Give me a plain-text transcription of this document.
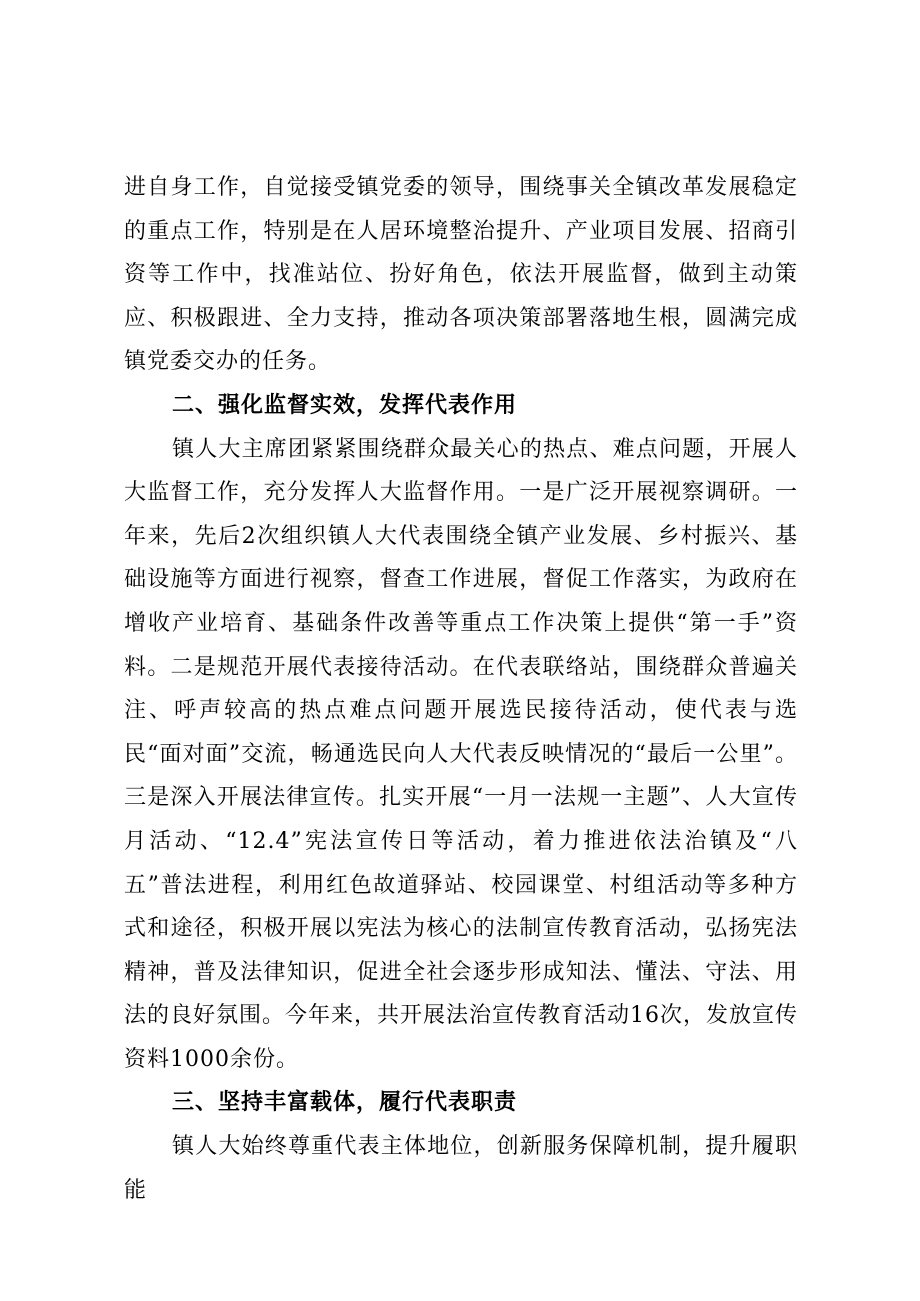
进自身工作，自觉接受镇党委的领导，围绕事关全镇改革发展稳定的重点工作，特别是在人居环境整治提升、产业项目发展、招商引资等工作中，找准站位、扮好角色，依法开展监督，做到主动策应、积极跟进、全力支持，推动各项决策部署落地生根，圆满完成镇党委交办的任务。

二、强化监督实效，发挥代表作用

镇人大主席团紧紧围绕群众最关心的热点、难点问题，开展人大监督工作，充分发挥人大监督作用。一是广泛开展视察调研。一年来，先后2次组织镇人大代表围绕全镇产业发展、乡村振兴、基础设施等方面进行视察，督查工作进展，督促工作落实，为政府在增收产业培育、基础条件改善等重点工作决策上提供“第一手”资料。二是规范开展代表接待活动。在代表联络站，围绕群众普遍关注、呼声较高的热点难点问题开展选民接待活动，使代表与选民“面对面”交流，畅通选民向人大代表反映情况的“最后一公里”。三是深入开展法律宣传。扎实开展“一月一法规一主题”、人大宣传月活动、“12.4”宪法宣传日等活动，着力推进依法治镇及“八五”普法进程，利用红色故道驿站、校园课堂、村组活动等多种方式和途径，积极开展以宪法为核心的法制宣传教育活动，弘扬宪法精神，普及法律知识，促进全社会逐步形成知法、懂法、守法、用法的良好氛围。今年来，共开展法治宣传教育活动16次，发放宣传资料1000余份。

三、坚持丰富载体，履行代表职责

镇人大始终尊重代表主体地位，创新服务保障机制，提升履职能
